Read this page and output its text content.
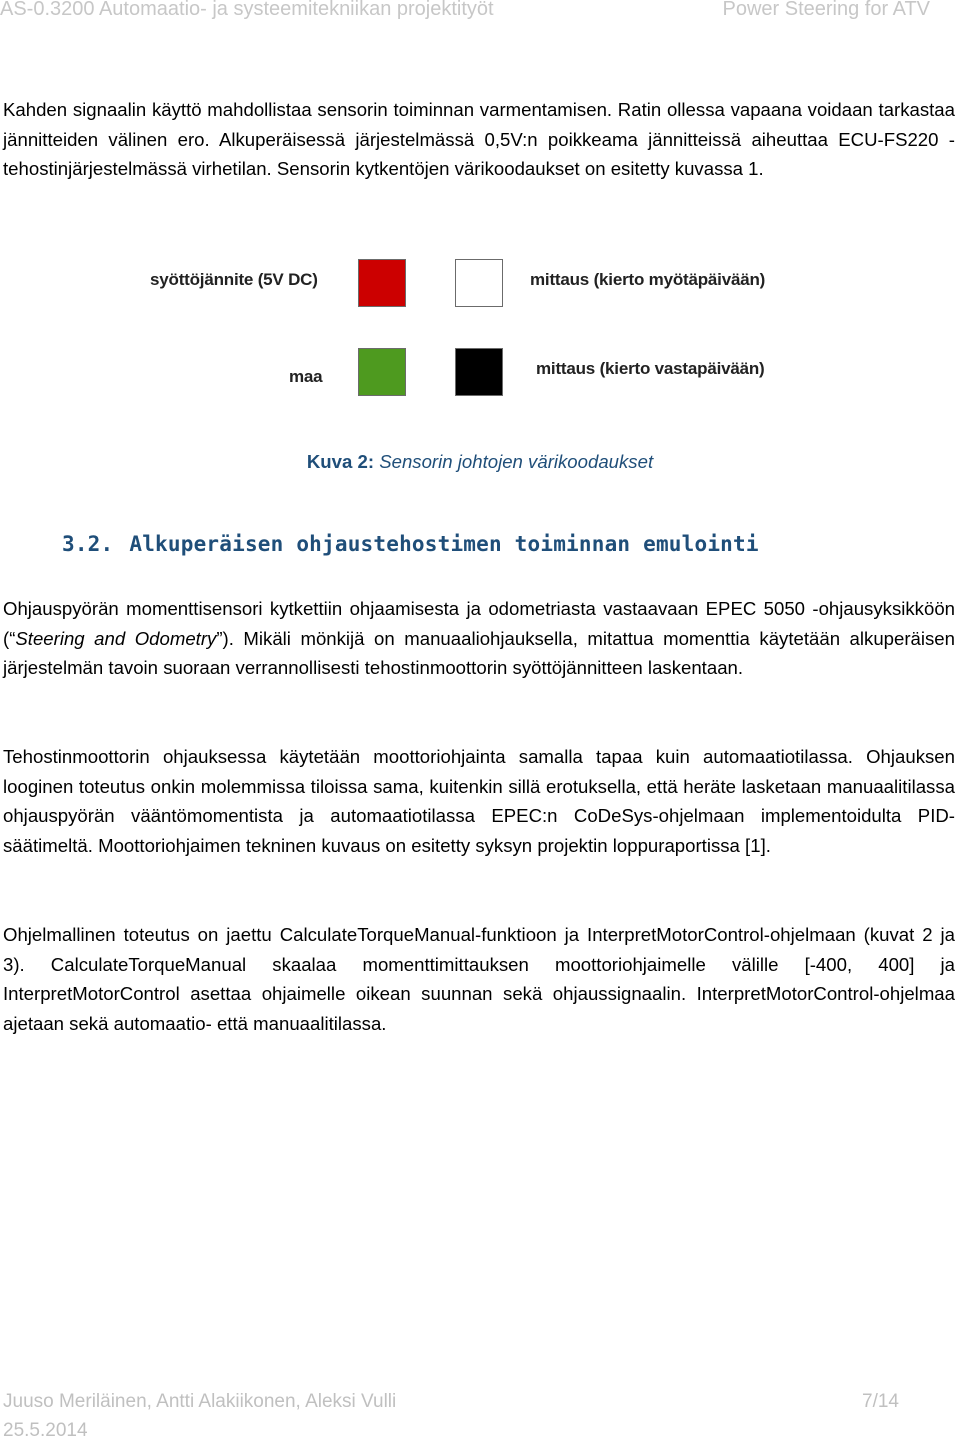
AS-0.3200 Automaatio- ja systeemitekniikan projektityöt	Power Steering for ATV

Kahden signaalin käyttö mahdollistaa sensorin toiminnan varmentamisen. Ratin ollessa vapaana voidaan tarkastaa jännitteiden välinen ero. Alkuperäisessä järjestelmässä 0,5V:n poikkeama jännitteissä aiheuttaa ECU-FS220 -tehostinjärjestelmässä virhetilan. Sensorin kytkentöjen värikoodaukset on esitetty kuvassa 1.

syöttöjännite (5V DC)	mittaus (kierto myötäpäivään)
maa	mittaus (kierto vastapäivään)
Kuva 2: Sensorin johtojen värikoodaukset
3.2. Alkuperäisen ohjaustehostimen toiminnan emulointi

Ohjauspyörän momenttisensori kytkettiin ohjaamisesta ja odometriasta vastaavaan EPEC 5050 -ohjausyksikköön (“Steering and Odometry”). Mikäli mönkijä on manuaaliohjauksella, mitattua momenttia käytetään alkuperäisen järjestelmän tavoin suoraan verrannollisesti tehostinmoottorin syöttöjännitteen laskentaan.

Tehostinmoottorin ohjauksessa käytetään moottoriohjainta samalla tapaa kuin automaatiotilassa. Ohjauksen looginen toteutus onkin molemmissa tiloissa sama, kuitenkin sillä erotuksella, että heräte lasketaan manuaalitilassa ohjauspyörän vääntömomentista ja automaatiotilassa EPEC:n CoDeSys-ohjelmaan implementoidulta PID-säätimeltä. Moottoriohjaimen tekninen kuvaus on esitetty syksyn projektin loppuraportissa [1].

Ohjelmallinen toteutus on jaettu CalculateTorqueManual-funktioon ja InterpretMotorControl-ohjelmaan (kuvat 2 ja 3). CalculateTorqueManual skaalaa momenttimittauksen moottoriohjaimelle välille [-400, 400] ja InterpretMotorControl asettaa ohjaimelle oikean suunnan sekä ohjaussignaalin. InterpretMotorControl-ohjelmaa ajetaan sekä automaatio- että manuaalitilassa.

Juuso Meriläinen, Antti Alakiikonen, Aleksi Vulli
25.5.2014
7/14
